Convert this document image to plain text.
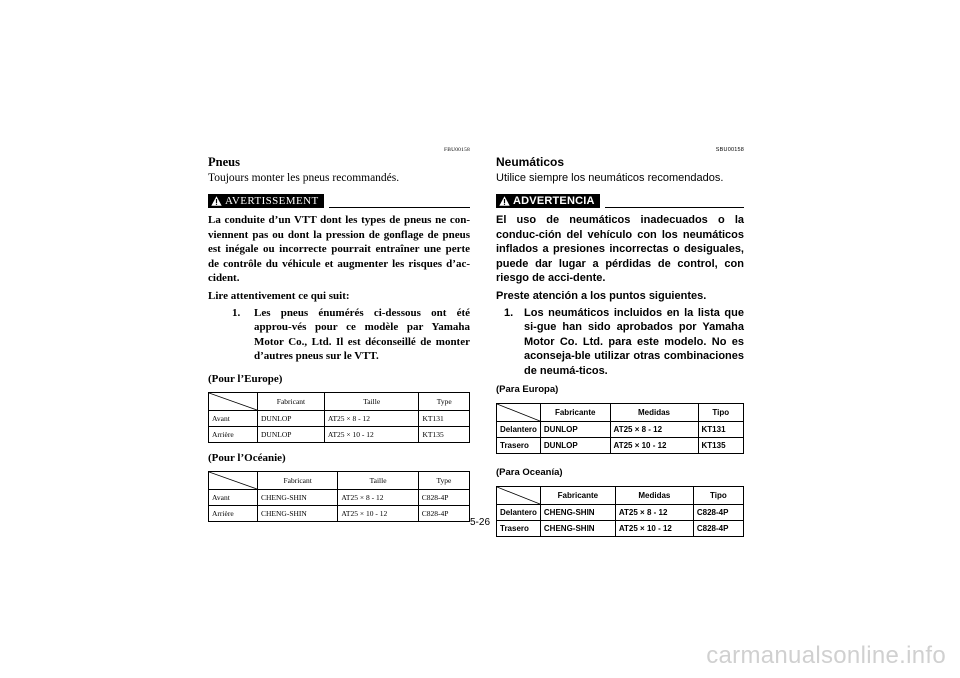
FBU00158
Pneus
Toujours monter les pneus recommandés.
AVERTISSEMENT
La conduite d’un VTT dont les types de pneus ne con-viennent pas ou dont la pression de gonflage de pneus est inégale ou incorrecte pourrait entraîner une perte de contrôle du véhicule et augmenter les risques d’ac-cident.
Lire attentivement ce qui suit:
1.	Les pneus énumérés ci-dessous ont été approu-vés pour ce modèle par Yamaha Motor Co., Ltd. Il est déconseillé de monter d’autres pneus sur le VTT.
(Pour l’Europe)
	Fabricant	Taille	Type
Avant	DUNLOP	AT25 × 8 - 12	KT131
Arrière	DUNLOP	AT25 × 10 - 12	KT135
(Pour l’Océanie)
	Fabricant	Taille	Type
Avant	CHENG-SHIN	AT25 × 8 - 12	C828-4P
Arrière	CHENG-SHIN	AT25 × 10 - 12	C828-4P
SBU00158
Neumáticos
Utilice siempre los neumáticos recomendados.
ADVERTENCIA
El uso de neumáticos inadecuados o la conduc-ción del vehículo con los neumáticos inflados a presiones incorrectas o desiguales, puede dar lugar a pérdidas de control, con riesgo de acci-dente.
Preste atención a los puntos siguientes.
1. Los neumáticos incluidos en la lista que si-gue han sido aprobados por Yamaha Motor Co. Ltd. para este modelo. No es aconseja-ble utilizar otras combinaciones de neumá-ticos.
(Para Europa)
	Fabricante	Medidas	Tipo
Delantero	DUNLOP	AT25 × 8 - 12	KT131
Trasero	DUNLOP	AT25 × 10 - 12	KT135
(Para Oceanía)
	Fabricante	Medidas	Tipo
Delantero	CHENG-SHIN	AT25 × 8 - 12	C828-4P
Trasero	CHENG-SHIN	AT25 × 10 - 12	C828-4P
5-26
carmanualsonline.info
